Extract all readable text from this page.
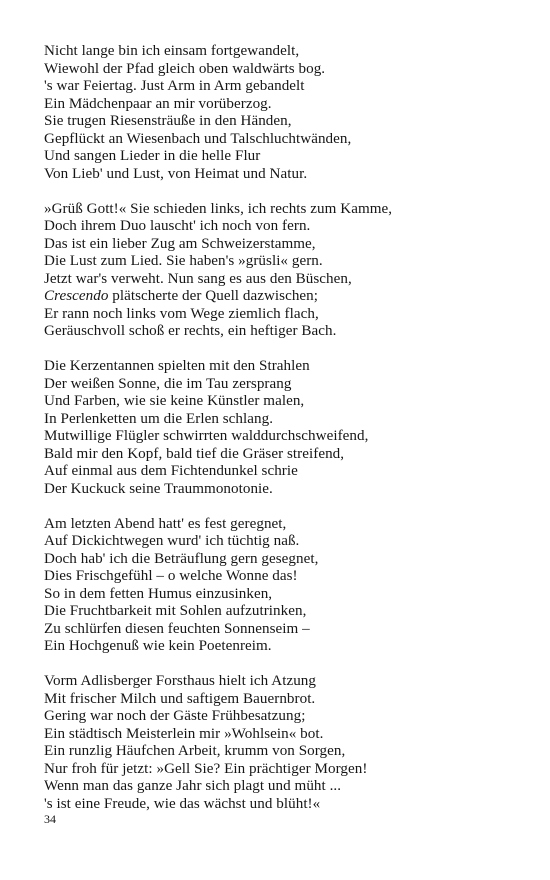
Nicht lange bin ich einsam fortgewandelt,
Wiewohl der Pfad gleich oben waldwärts bog.
's war Feiertag. Just Arm in Arm gebandelt
Ein Mädchenpaar an mir vorüberzog.
Sie trugen Riesensträuße in den Händen,
Gepflückt an Wiesenbach und Talschluchtwänden,
Und sangen Lieder in die helle Flur
Von Lieb' und Lust, von Heimat und Natur.
»Grüß Gott!« Sie schieden links, ich rechts zum Kamme,
Doch ihrem Duo lauscht' ich noch von fern.
Das ist ein lieber Zug am Schweizerstamme,
Die Lust zum Lied. Sie haben's »grüsli« gern.
Jetzt war's verweht. Nun sang es aus den Büschen,
Crescendo plätscherte der Quell dazwischen;
Er rann noch links vom Wege ziemlich flach,
Geräuschvoll schoß er rechts, ein heftiger Bach.
Die Kerzentannen spielten mit den Strahlen
Der weißen Sonne, die im Tau zersprang
Und Farben, wie sie keine Künstler malen,
In Perlenketten um die Erlen schlang.
Mutwillige Flügler schwirrten walddurchschweifend,
Bald mir den Kopf, bald tief die Gräser streifend,
Auf einmal aus dem Fichtendunkel schrie
Der Kuckuck seine Traummonotonie.
Am letzten Abend hatt' es fest geregnet,
Auf Dickichtwegen wurd' ich tüchtig naß.
Doch hab' ich die Beträuflung gern gesegnet,
Dies Frischgefühl – o welche Wonne das!
So in dem fetten Humus einzusinken,
Die Fruchtbarkeit mit Sohlen aufzutrinken,
Zu schlürfen diesen feuchten Sonnenseim –
Ein Hochgenuß wie kein Poetenreim.
Vorm Adlisberger Forsthaus hielt ich Atzung
Mit frischer Milch und saftigem Bauernbrot.
Gering war noch der Gäste Frühbesatzung;
Ein städtisch Meisterlein mir »Wohlsein« bot.
Ein runzlig Häufchen Arbeit, krumm von Sorgen,
Nur froh für jetzt: »Gell Sie? Ein prächtiger Morgen!
Wenn man das ganze Jahr sich plagt und müht ...
's ist eine Freude, wie das wächst und blüht!«
34
